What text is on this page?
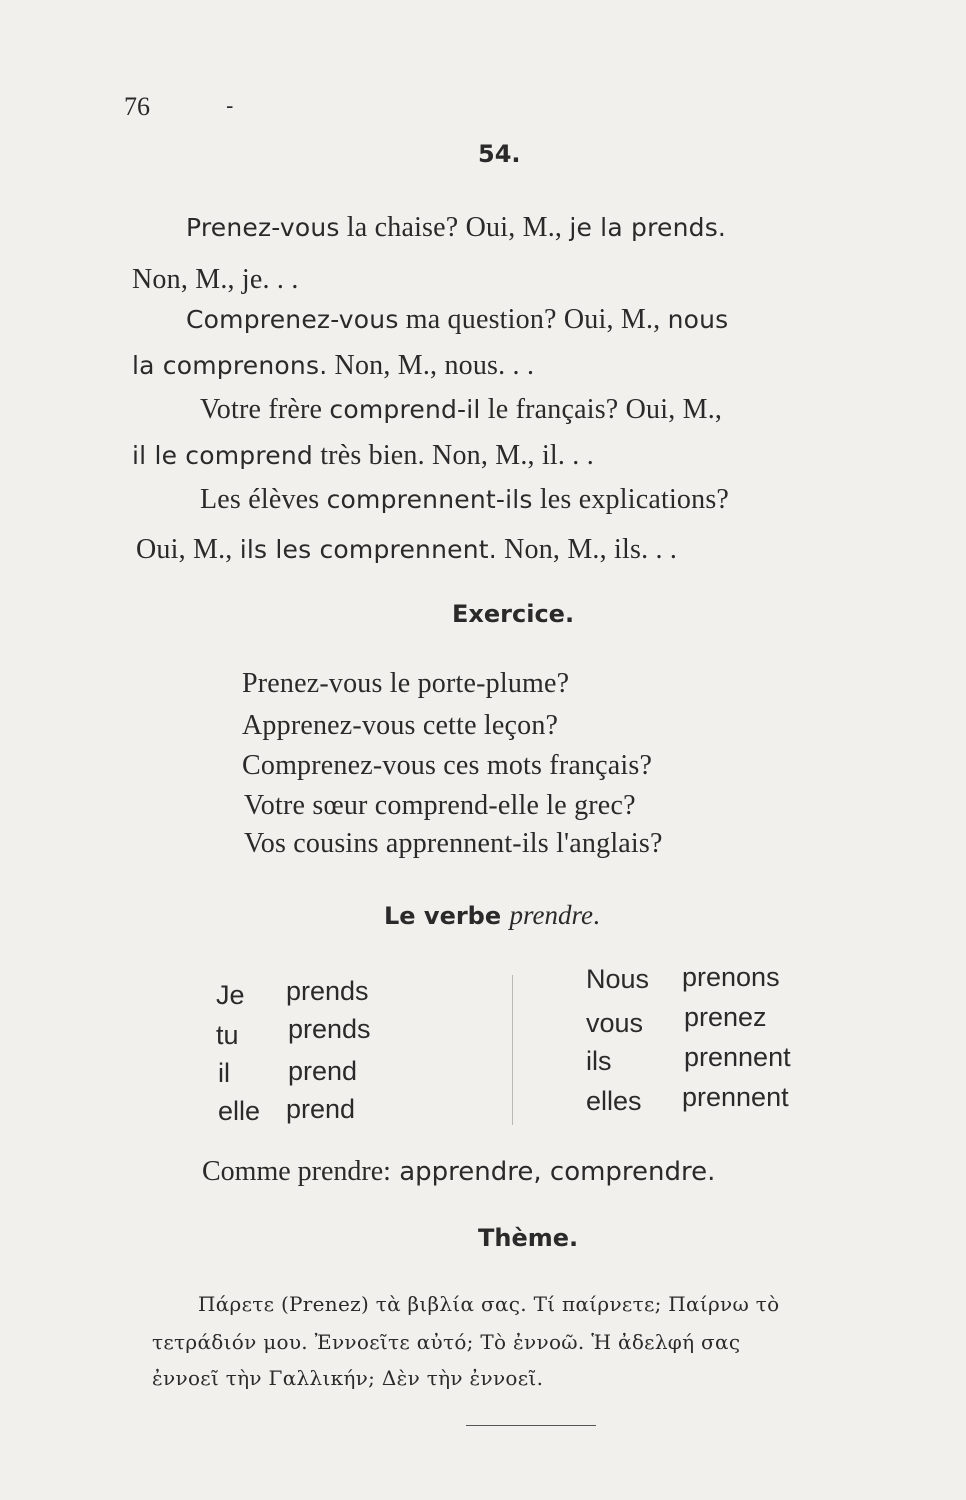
76	-
54.
Prenez-vous la chaise? Oui, M., je la prends.
Non, M., je. . .
Comprenez-vous ma question? Oui, M., nous
la comprenons. Non, M., nous. . .
Votre frère comprend-il le français? Oui, M.,
il le comprend très bien. Non, M., il. . .
Les élèves comprennent-ils les explications?
Oui, M., ils les comprennent. Non, M., ils. . .
Exercice.
Prenez-vous le porte-plume?
Apprenez-vous cette leçon?
Comprenez-vous ces mots français?
Votre sœur comprend-elle le grec?
Vos cousins apprennent-ils l'anglais?
Le verbe prendre.
Je prends
tu prends
il prend
elle prend
Nous prenons
vous prenez
ils	prennent
elles prennent
Comme prendre: apprendre, comprendre.
Thème.
Πάρετε (Prenez) τὰ βιβλία σας. Τί παίρνετε; Παίρνω τὸ
τετράδιόν μου. Ἐννοεῖτε αὐτό; Τὸ ἐννοῶ. Ἡ ἀδελφή σας
ἐννοεῖ τὴν Γαλλικήν; Δὲν τὴν ἐννοεῖ.
